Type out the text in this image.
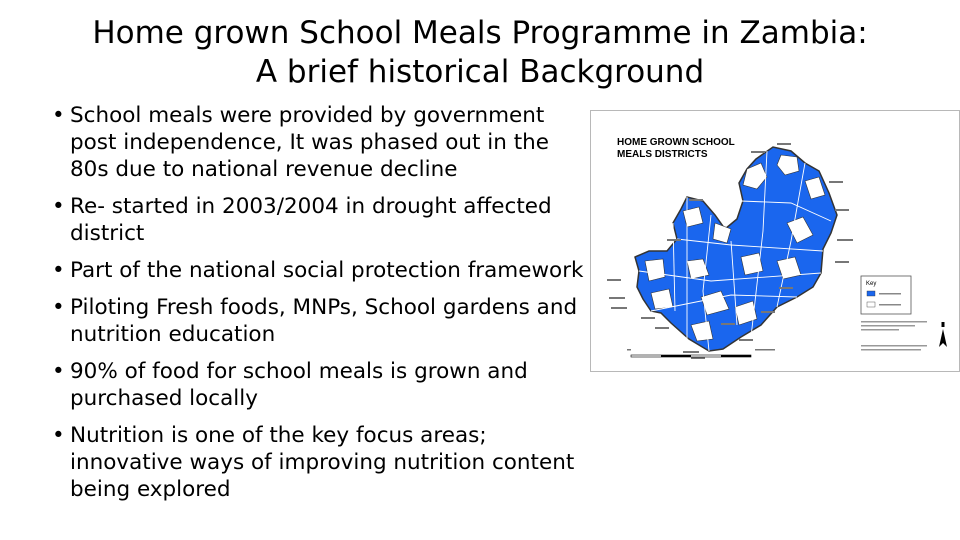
Home grown School Meals Programme in Zambia:
A brief historical Background
• School meals were provided by government post independence, It was phased out in the 80s due to national revenue decline
• Re- started in 2003/2004 in drought affected district
• Part of the national social protection framework
• Piloting Fresh foods, MNPs, School gardens and nutrition education
• 90% of food for school meals is grown and purchased locally
• Nutrition is one of the key focus areas; innovative ways of improving nutrition content being explored
HOME GROWN SCHOOL
MEALS DISTRICTS
Key
